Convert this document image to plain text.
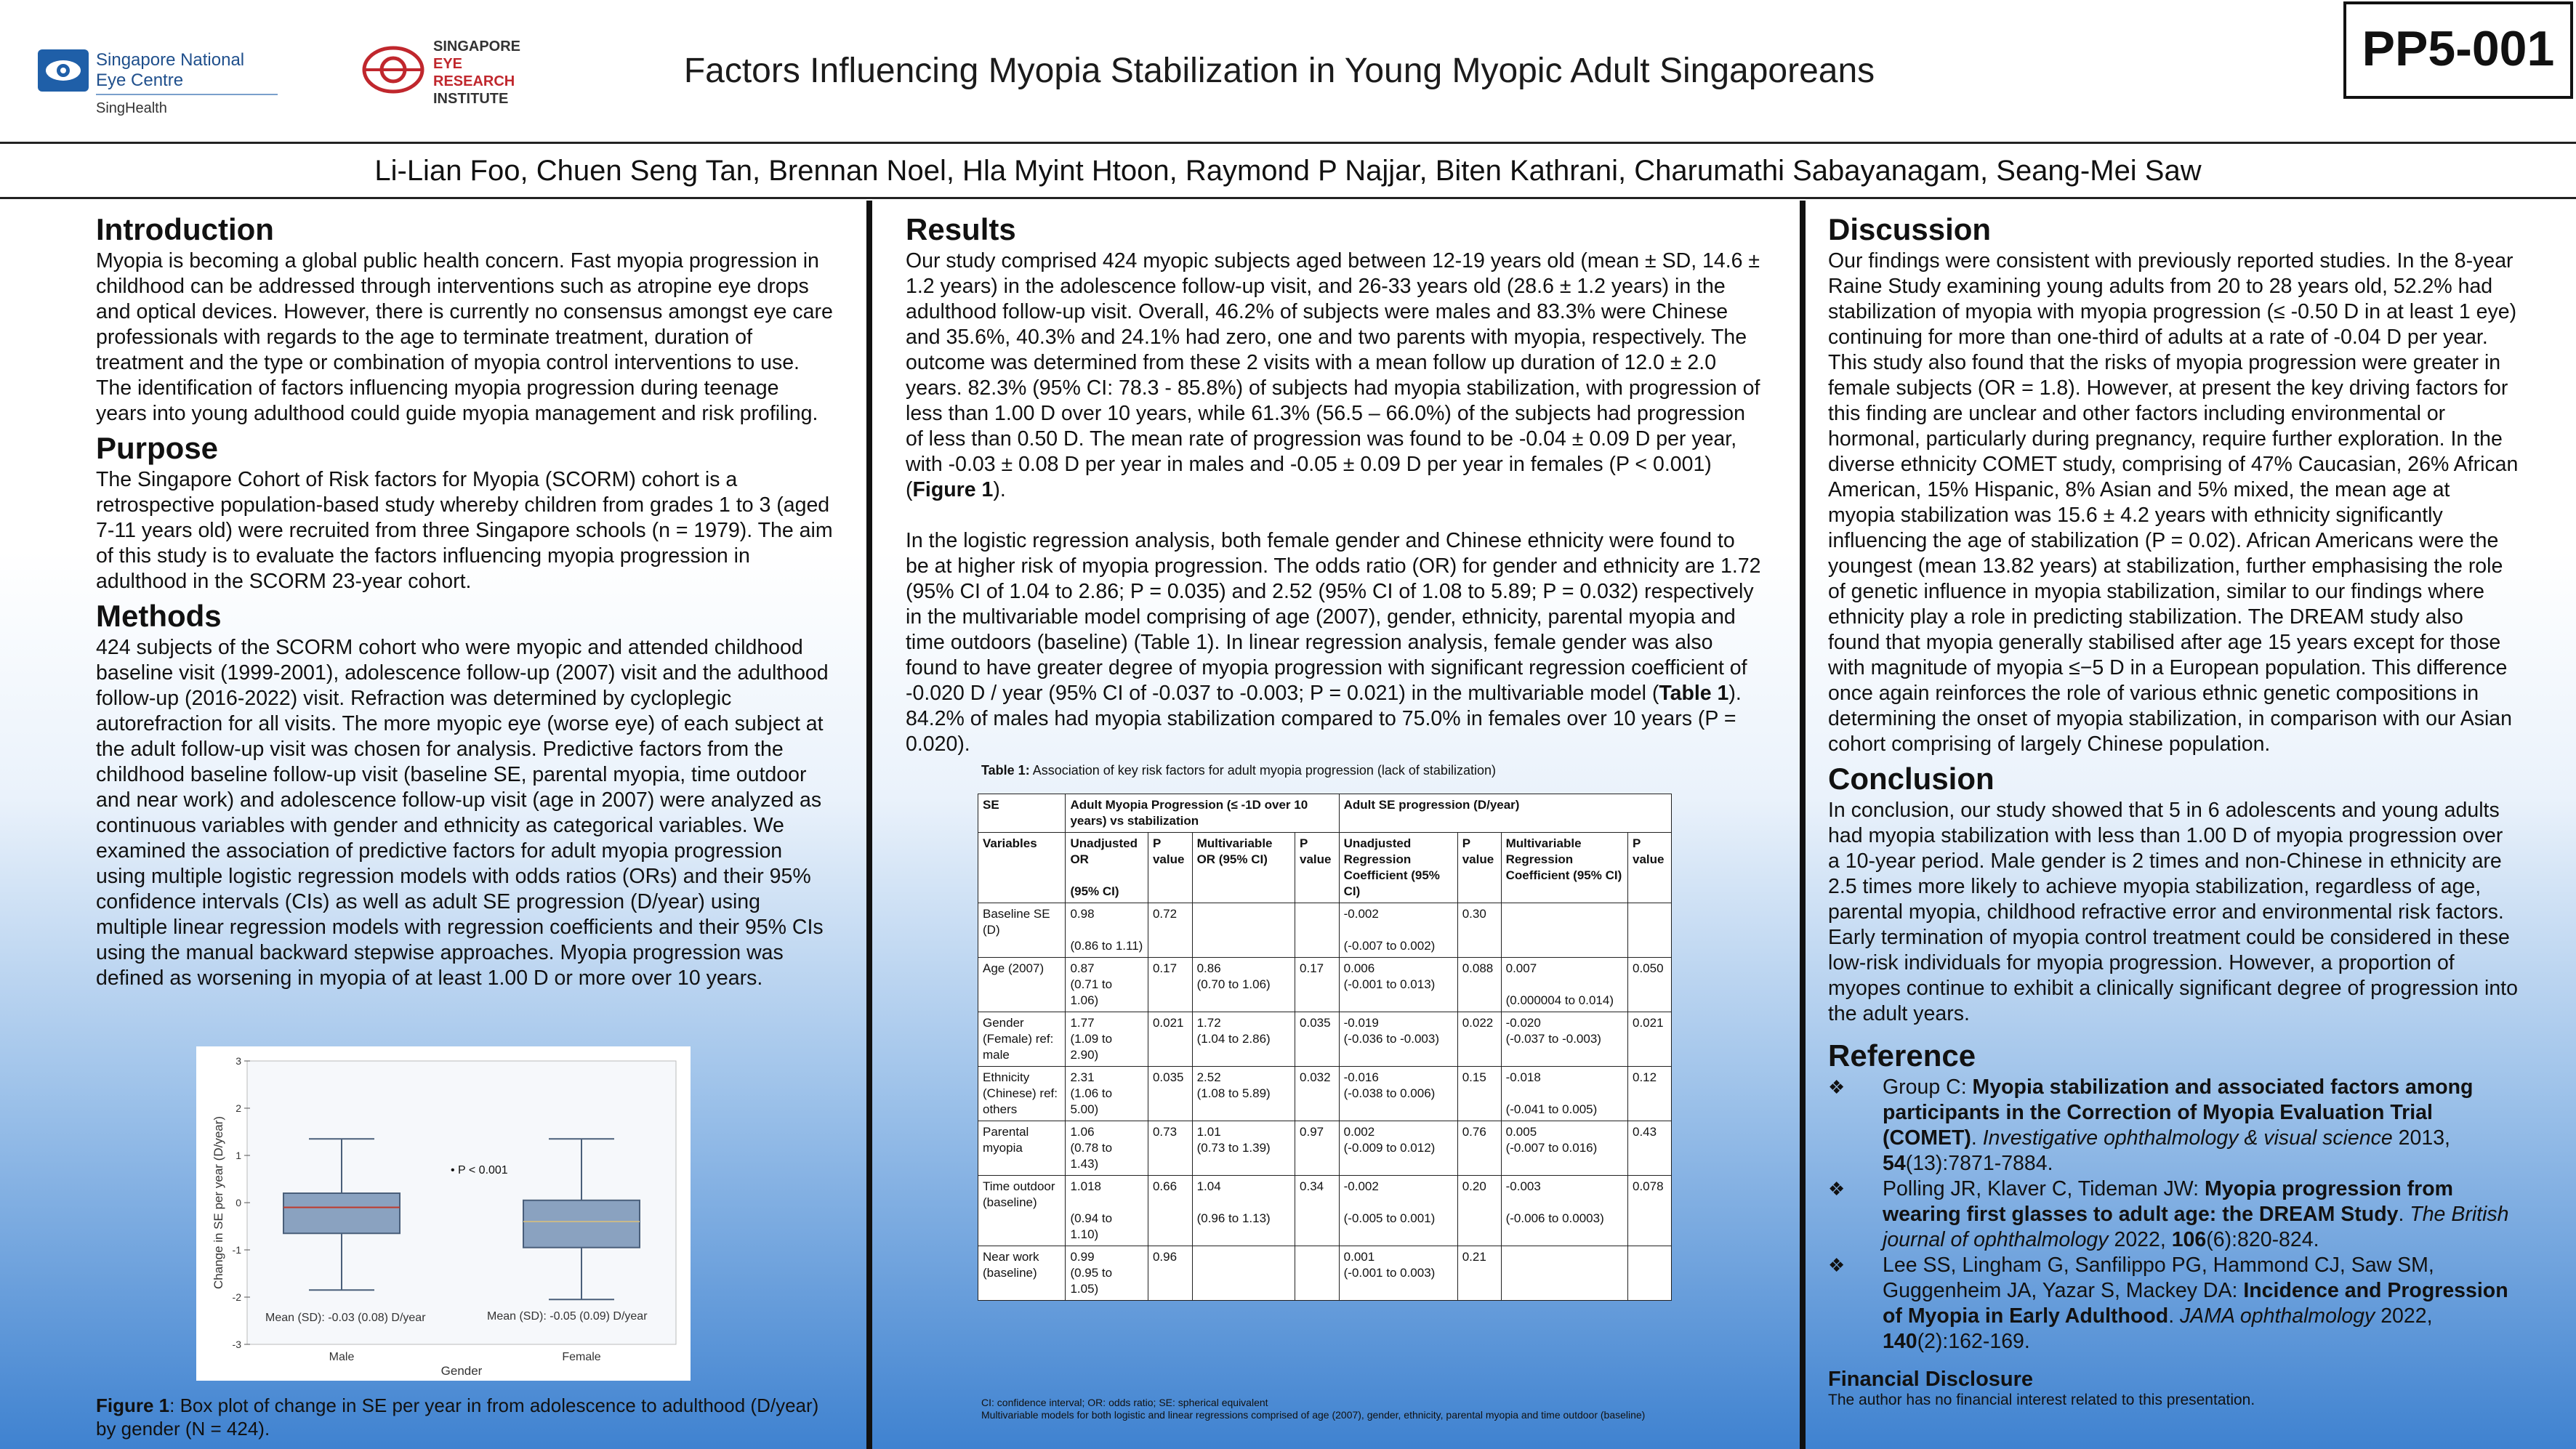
Singapore National
Eye Centre
SingHealth
SINGAPORE
EYE
RESEARCH
INSTITUTE
Factors Influencing Myopia Stabilization in Young Myopic Adult Singaporeans	PP5-001
Li-Lian Foo, Chuen Seng Tan, Brennan Noel, Hla Myint Htoon, Raymond P Najjar, Biten Kathrani, Charumathi Sabayanagam, Seang-Mei Saw
Introduction

Myopia is becoming a global public health concern. Fast myopia progression in childhood can be addressed through interventions such as atropine eye drops and optical devices. However, there is currently no consensus amongst eye care professionals with regards to the age to terminate treatment, duration of treatment and the type or combination of myopia control interventions to use. The identification of factors influencing myopia progression during teenage years into young adulthood could guide myopia management and risk profiling.

Purpose

The Singapore Cohort of Risk factors for Myopia (SCORM) cohort is a retrospective population-based study whereby children from grades 1 to 3 (aged 7-11 years old) were recruited from three Singapore schools (n = 1979). The aim of this study is to evaluate the factors influencing myopia progression in adulthood in the SCORM 23-year cohort.

Methods

424 subjects of the SCORM cohort who were myopic and attended childhood baseline visit (1999-2001), adolescence follow-up (2007) visit and the adulthood follow-up (2016-2022) visit. Refraction was determined by cycloplegic autorefraction for all visits. The more myopic eye (worse eye) of each subject at the adult follow-up visit was chosen for analysis. Predictive factors from the childhood baseline follow-up visit (baseline SE, parental myopia, time outdoor and near work) and adolescence follow-up visit (age in 2007) were analyzed as continuous variables with gender and ethnicity as categorical variables. We examined the association of predictive factors for adult myopia progression using multiple logistic regression models with odds ratios (ORs) and their 95% confidence intervals (CIs) as well as adult SE progression (D/year) using multiple linear regression models with regression coefficients and their 95% CIs using the manual backward stepwise approaches. Myopia progression was defined as worsening in myopia of at least 1.00 D or more over 10 years.

3
2
1
0
-1
-2
-3
Male	Female
Change in SE per year (D/year)
Gender
• P < 0.001
Mean (SD): -0.03 (0.08) D/year	Mean (SD): -0.05 (0.09) D/year
Figure 1: Box plot of change in SE per year in from adolescence to adulthood (D/year) by gender (N = 424).
Results

Our study comprised 424 myopic subjects aged between 12-19 years old (mean ± SD, 14.6 ± 1.2 years) in the adolescence follow-up visit, and 26-33 years old (28.6 ± 1.2 years) in the adulthood follow-up visit. Overall, 46.2% of subjects were males and 83.3% were Chinese and 35.6%, 40.3% and 24.1% had zero, one and two parents with myopia, respectively. The outcome was determined from these 2 visits with a mean follow up duration of 12.0 ± 2.0 years. 82.3% (95% CI: 78.3 - 85.8%) of subjects had myopia stabilization, with progression of less than 1.00 D over 10 years, while 61.3% (56.5 – 66.0%) of the subjects had progression of less than 0.50 D. The mean rate of progression was found to be -0.04 ± 0.09 D per year, with -0.03 ± 0.08 D per year in males and -0.05 ± 0.09 D per year in females (P < 0.001) (Figure 1).

In the logistic regression analysis, both female gender and Chinese ethnicity were found to be at higher risk of myopia progression. The odds ratio (OR) for gender and ethnicity are 1.72 (95% CI of 1.04 to 2.86; P = 0.035) and 2.52 (95% CI of 1.08 to 5.89; P = 0.032) respectively in the multivariable model comprising of age (2007), gender, ethnicity, parental myopia and time outdoors (baseline) (Table 1). In linear regression analysis, female gender was also found to have greater degree of myopia progression with significant regression coefficient of -0.020 D / year (95% CI of -0.037 to -0.003; P = 0.021) in the multivariable model (Table 1). 84.2% of males had myopia stabilization compared to 75.0% in females over 10 years (P = 0.020).

Table 1: Association of key risk factors for adult myopia progression (lack of stabilization)
SE	Adult Myopia Progression (≤ -1D over 10 years) vs stabilization				Adult SE progression (D/year)			
Variables	Unadjusted OR

(95% CI)	P value	Multivariable OR (95% CI)	P value	Unadjusted Regression Coefficient (95% CI)	P value	Multivariable Regression Coefficient (95% CI)	P value
Baseline SE (D)	0.98

(0.86 to 1.11)	0.72			-0.002

(-0.007 to 0.002)	0.30		
Age (2007)	0.87
(0.71 to 1.06)	0.17	0.86
(0.70 to 1.06)	0.17	0.006
(-0.001 to 0.013)	0.088	0.007

(0.000004 to 0.014)	0.050
Gender (Female) ref: male	1.77
(1.09 to 2.90)	0.021	1.72
(1.04 to 2.86)	0.035	-0.019
(-0.036 to -0.003)	0.022	-0.020
(-0.037 to -0.003)	0.021
Ethnicity (Chinese) ref: others	2.31
(1.06 to 5.00)	0.035	2.52
(1.08 to 5.89)	0.032	-0.016
(-0.038 to 0.006)	0.15	-0.018

(-0.041 to 0.005)	0.12
Parental myopia	1.06
(0.78 to 1.43)	0.73	1.01
(0.73 to 1.39)	0.97	0.002
(-0.009 to 0.012)	0.76	0.005
(-0.007 to 0.016)	0.43
Time outdoor (baseline)	1.018

(0.94 to 1.10)	0.66	1.04

(0.96 to 1.13)	0.34	-0.002

(-0.005 to 0.001)	0.20	-0.003

(-0.006 to 0.0003)	0.078
Near work (baseline)	0.99
(0.95 to 1.05)	0.96			0.001
(-0.001 to 0.003)	0.21		
CI: confidence interval; OR: odds ratio; SE: spherical equivalent
Multivariable models for both logistic and linear regressions comprised of age (2007), gender, ethnicity, parental myopia and time outdoor (baseline)
Discussion

Our findings were consistent with previously reported studies. In the 8-year Raine Study examining young adults from 20 to 28 years old, 52.2% had stabilization of myopia with myopia progression (≤ -0.50 D in at least 1 eye) continuing for more than one-third of adults at a rate of -0.04 D per year. This study also found that the risks of myopia progression were greater in female subjects (OR = 1.8). However, at present the key driving factors for this finding are unclear and other factors including environmental or hormonal, particularly during pregnancy, require further exploration. In the diverse ethnicity COMET study, comprising of 47% Caucasian, 26% African American, 15% Hispanic, 8% Asian and 5% mixed, the mean age at myopia stabilization was 15.6 ± 4.2 years with ethnicity significantly influencing the age of stabilization (P = 0.02). African Americans were the youngest (mean 13.82 years) at stabilization, further emphasising the role of genetic influence in myopia stabilization, similar to our findings where ethnicity play a role in predicting stabilization. The DREAM study also found that myopia generally stabilised after age 15 years except for those with magnitude of myopia ≤−5 D in a European population. This difference once again reinforces the role of various ethnic genetic compositions in determining the onset of myopia stabilization, in comparison with our Asian cohort comprising of largely Chinese population.

Conclusion

In conclusion, our study showed that 5 in 6 adolescents and young adults had myopia stabilization with less than 1.00 D of myopia progression over a 10-year period. Male gender is 2 times and non-Chinese in ethnicity are 2.5 times more likely to achieve myopia stabilization, regardless of age, parental myopia, childhood refractive error and environmental risk factors. Early termination of myopia control treatment could be considered in these low-risk individuals for myopia progression. However, a proportion of myopes continue to exhibit a clinically significant degree of progression into the adult years.

Reference
❖ Group C: Myopia stabilization and associated factors among participants in the Correction of Myopia Evaluation Trial (COMET). Investigative ophthalmology & visual science 2013, 54(13):7871-7884.
❖ Polling JR, Klaver C, Tideman JW: Myopia progression from wearing first glasses to adult age: the DREAM Study. The British journal of ophthalmology 2022, 106(6):820-824.
❖ Lee SS, Lingham G, Sanfilippo PG, Hammond CJ, Saw SM, Guggenheim JA, Yazar S, Mackey DA: Incidence and Progression of Myopia in Early Adulthood. JAMA ophthalmology 2022, 140(2):162-169.
Financial Disclosure
The author has no financial interest related to this presentation.
